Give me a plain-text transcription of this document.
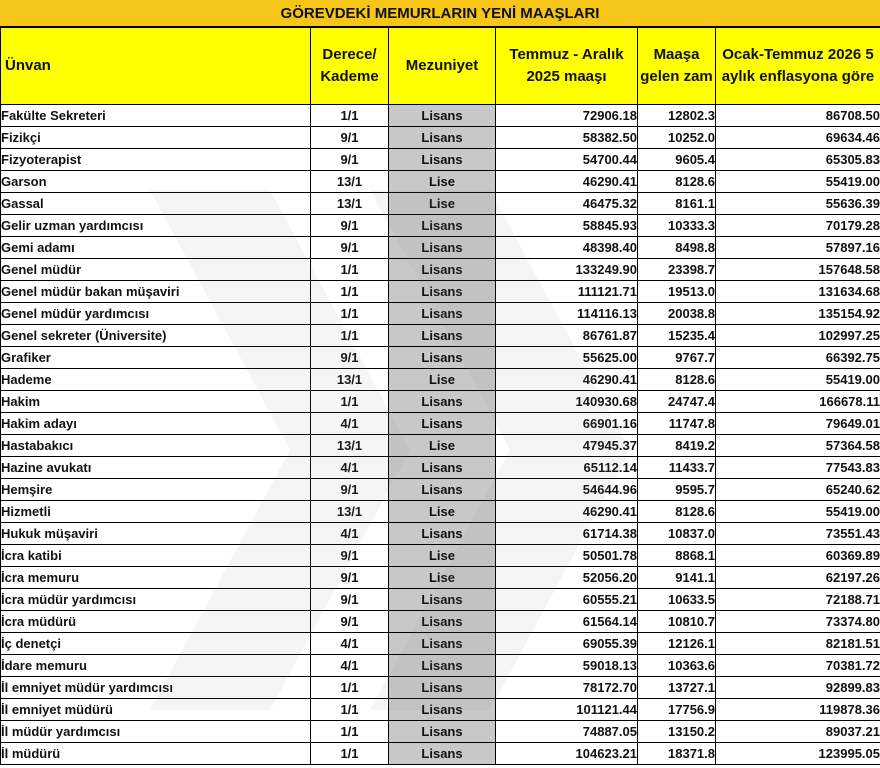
GÖREVDEKİ MEMURLARIN YENİ MAAŞLARI
Ünvan	Derece/ Kademe	Mezuniyet	Temmuz - Aralık 2025 maaşı	Maaşa gelen zam	Ocak-Temmuz 2026 5 aylık enflasyona göre

Fakülte Sekreteri	1/1	Lisans	72906.18	12802.3	86708.50
Fizikçi	9/1	Lisans	58382.50	10252.0	69634.46
Fizyoterapist	9/1	Lisans	54700.44	9605.4	65305.83
Garson	13/1	Lise	46290.41	8128.6	55419.00
Gassal	13/1	Lise	46475.32	8161.1	55636.39
Gelir uzman yardımcısı	9/1	Lisans	58845.93	10333.3	70179.28
Gemi adamı	9/1	Lisans	48398.40	8498.8	57897.16
Genel müdür	1/1	Lisans	133249.90	23398.7	157648.58
Genel müdür bakan müşaviri	1/1	Lisans	111121.71	19513.0	131634.68
Genel müdür yardımcısı	1/1	Lisans	114116.13	20038.8	135154.92
Genel sekreter (Üniversite)	1/1	Lisans	86761.87	15235.4	102997.25
Grafiker	9/1	Lisans	55625.00	9767.7	66392.75
Hademe	13/1	Lise	46290.41	8128.6	55419.00
Hakim	1/1	Lisans	140930.68	24747.4	166678.11
Hakim adayı	4/1	Lisans	66901.16	11747.8	79649.01
Hastabakıcı	13/1	Lise	47945.37	8419.2	57364.58
Hazine avukatı	4/1	Lisans	65112.14	11433.7	77543.83
Hemşire	9/1	Lisans	54644.96	9595.7	65240.62
Hizmetli	13/1	Lise	46290.41	8128.6	55419.00
Hukuk müşaviri	4/1	Lisans	61714.38	10837.0	73551.43
İcra katibi	9/1	Lise	50501.78	8868.1	60369.89
İcra memuru	9/1	Lise	52056.20	9141.1	62197.26
İcra müdür yardımcısı	9/1	Lisans	60555.21	10633.5	72188.71
İcra müdürü	9/1	Lisans	61564.14	10810.7	73374.80
İç denetçi	4/1	Lisans	69055.39	12126.1	82181.51
İdare memuru	4/1	Lisans	59018.13	10363.6	70381.72
İl emniyet müdür yardımcısı	1/1	Lisans	78172.70	13727.1	92899.83
İl emniyet müdürü	1/1	Lisans	101121.44	17756.9	119878.36
İl müdür yardımcısı	1/1	Lisans	74887.05	13150.2	89037.21
İl müdürü	1/1	Lisans	104623.21	18371.8	123995.05
